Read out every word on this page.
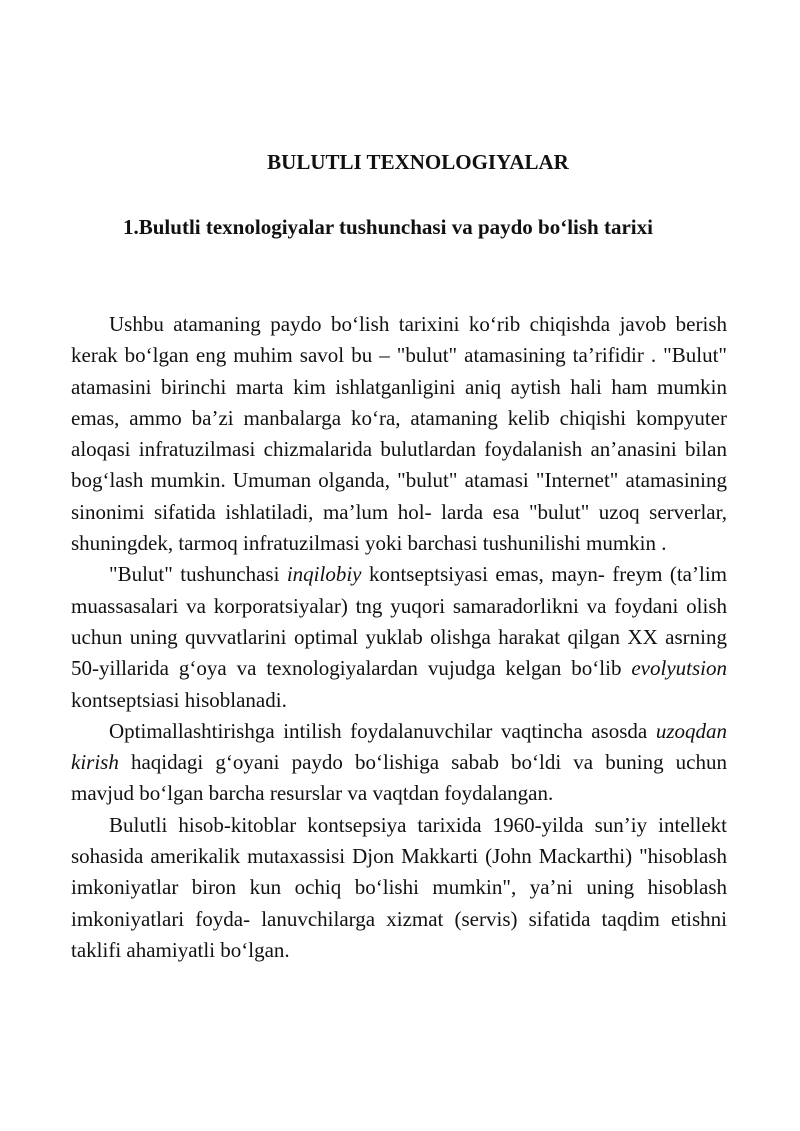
BULUTLI TEXNOLOGIYALAR
1.Bulutli texnologiyalar tushunchasi va paydo bo‘lish tarixi

Ushbu atamaning paydo bo‘lish tarixini ko‘rib chiqishda javob berish kerak bo‘lgan eng muhim savol bu – "bulut" atamasining ta’rifidir . "Bulut" atamasini birinchi marta kim ishlatganligini aniq aytish hali ham mumkin emas, ammo ba’zi manbalarga ko‘ra, atamaning kelib chiqishi kompyuter aloqasi infratuzilmasi chizmalarida bulutlardan foydalanish an’anasini bilan bog‘lash mumkin. Umuman olganda, "bulut" atamasi "Internet" atamasining sinonimi sifatida ishlatiladi, ma’lum hol- larda esa "bulut" uzoq serverlar, shuningdek, tarmoq infratuzilmasi yoki barchasi tushunilishi mumkin .

"Bulut" tushunchasi inqilobiy kontseptsiyasi emas, mayn- freym (ta’lim muassasalari va korporatsiyalar) tng yuqori samaradorlikni va foydani olish uchun uning quvvatlarini optimal yuklab olishga harakat qilgan XX asrning 50-yillarida g‘oya va texnologiyalardan vujudga kelgan bo‘lib evolyutsion kontseptsiasi hisoblanadi.

Optimallashtirishga intilish foydalanuvchilar vaqtincha asosda uzoqdan kirish haqidagi g‘oyani paydo bo‘lishiga sabab bo‘ldi va buning uchun mavjud bo‘lgan barcha resurslar va vaqtdan foydalangan.

Bulutli hisob-kitoblar kontsepsiya tarixida 1960-yilda sun’iy intellekt sohasida amerikalik mutaxassisi Djon Makkarti (John Mackarthi) "hisoblash imkoniyatlar biron kun ochiq bo‘lishi mumkin", ya’ni uning hisoblash imkoniyatlari foyda- lanuvchilarga xizmat (servis) sifatida taqdim etishni taklifi ahamiyatli bo‘lgan.
